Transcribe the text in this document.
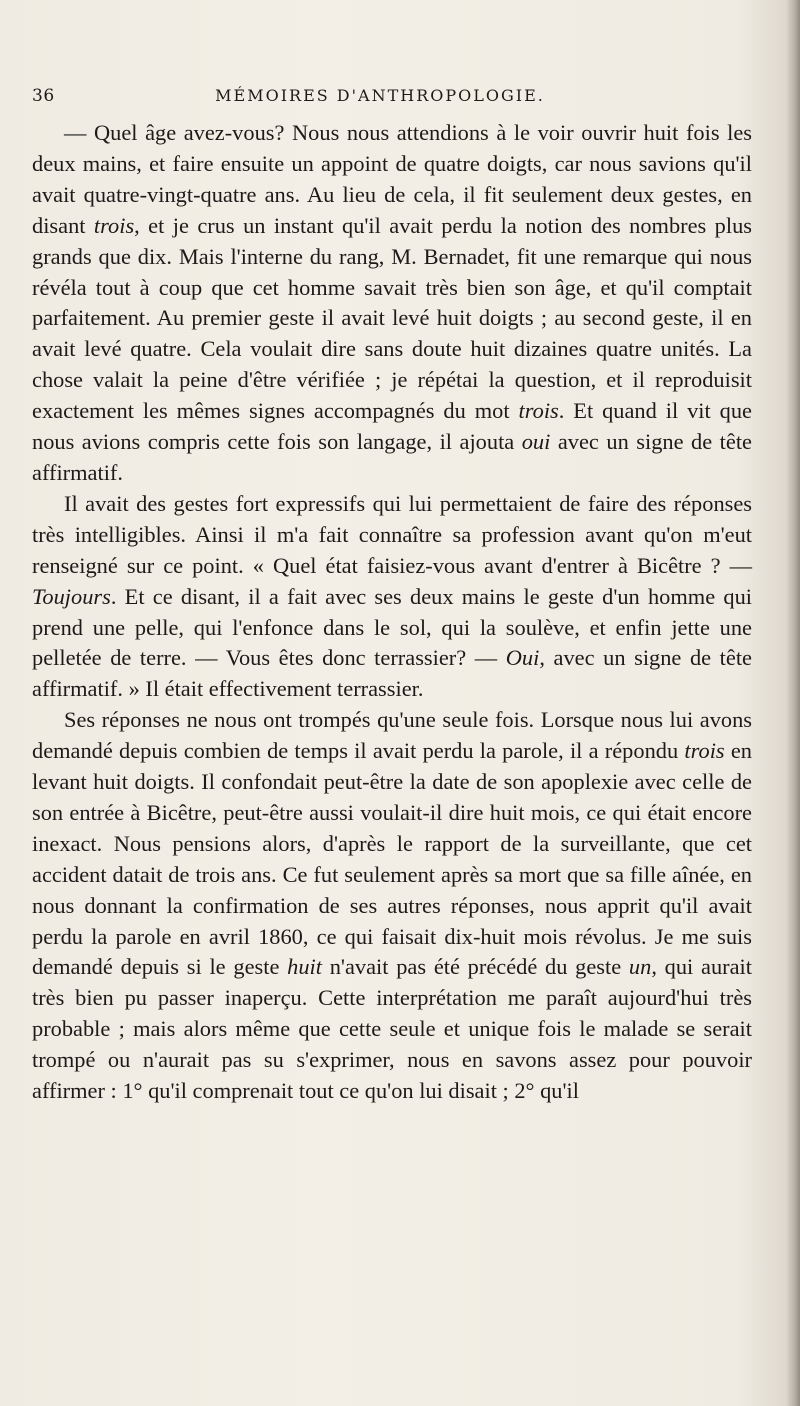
36	MÉMOIRES D'ANTHROPOLOGIE.

— Quel âge avez-vous? Nous nous attendions à le voir ouvrir huit fois les deux mains, et faire ensuite un appoint de quatre doigts, car nous savions qu'il avait quatre-vingt-quatre ans. Au lieu de cela, il fit seulement deux gestes, en disant trois, et je crus un instant qu'il avait perdu la notion des nombres plus grands que dix. Mais l'interne du rang, M. Bernadet, fit une remarque qui nous révéla tout à coup que cet homme savait très bien son âge, et qu'il comptait parfaitement. Au premier geste il avait levé huit doigts ; au second geste, il en avait levé quatre. Cela voulait dire sans doute huit dizaines quatre unités. La chose valait la peine d'être vérifiée ; je répétai la question, et il reproduisit exactement les mêmes signes accompagnés du mot trois. Et quand il vit que nous avions compris cette fois son langage, il ajouta oui avec un signe de tête affirmatif.

Il avait des gestes fort expressifs qui lui permettaient de faire des réponses très intelligibles. Ainsi il m'a fait connaître sa profession avant qu'on m'eut renseigné sur ce point. « Quel état faisiez-vous avant d'entrer à Bicêtre ? — Toujours. Et ce disant, il a fait avec ses deux mains le geste d'un homme qui prend une pelle, qui l'enfonce dans le sol, qui la soulève, et enfin jette une pelletée de terre. — Vous êtes donc terrassier? — Oui, avec un signe de tête affirmatif. » Il était effectivement terrassier.

Ses réponses ne nous ont trompés qu'une seule fois. Lorsque nous lui avons demandé depuis combien de temps il avait perdu la parole, il a répondu trois en levant huit doigts. Il confondait peut-être la date de son apoplexie avec celle de son entrée à Bicêtre, peut-être aussi voulait-il dire huit mois, ce qui était encore inexact. Nous pensions alors, d'après le rapport de la surveillante, que cet accident datait de trois ans. Ce fut seulement après sa mort que sa fille aînée, en nous donnant la confirmation de ses autres réponses, nous apprit qu'il avait perdu la parole en avril 1860, ce qui faisait dix-huit mois révolus. Je me suis demandé depuis si le geste huit n'avait pas été précédé du geste un, qui aurait très bien pu passer inaperçu. Cette interprétation me paraît aujourd'hui très probable ; mais alors même que cette seule et unique fois le malade se serait trompé ou n'aurait pas su s'exprimer, nous en savons assez pour pouvoir affirmer : 1° qu'il comprenait tout ce qu'on lui disait ; 2° qu'il
